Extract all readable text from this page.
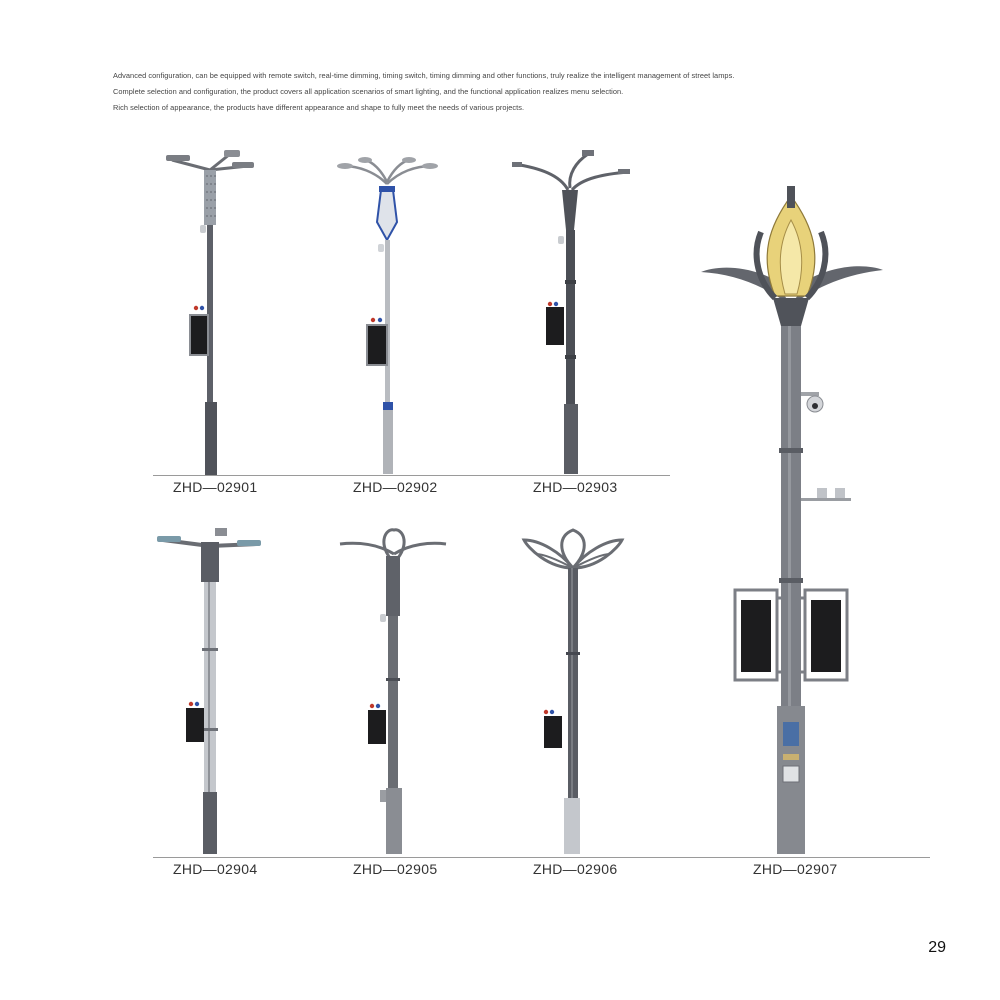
Advanced configuration, can be equipped with remote switch, real-time dimming, timing switch, timing dimming and other functions, truly realize the intelligent management of street lamps.

Complete selection and configuration, the product covers all application scenarios of smart lighting, and the functional application realizes menu selection.

Rich selection of appearance, the products have different appearance and shape to fully meet the needs of various projects.

ZHD—02901	ZHD—02902	ZHD—02903
ZHD—02904	ZHD—02905	ZHD—02906	ZHD—02907
29
